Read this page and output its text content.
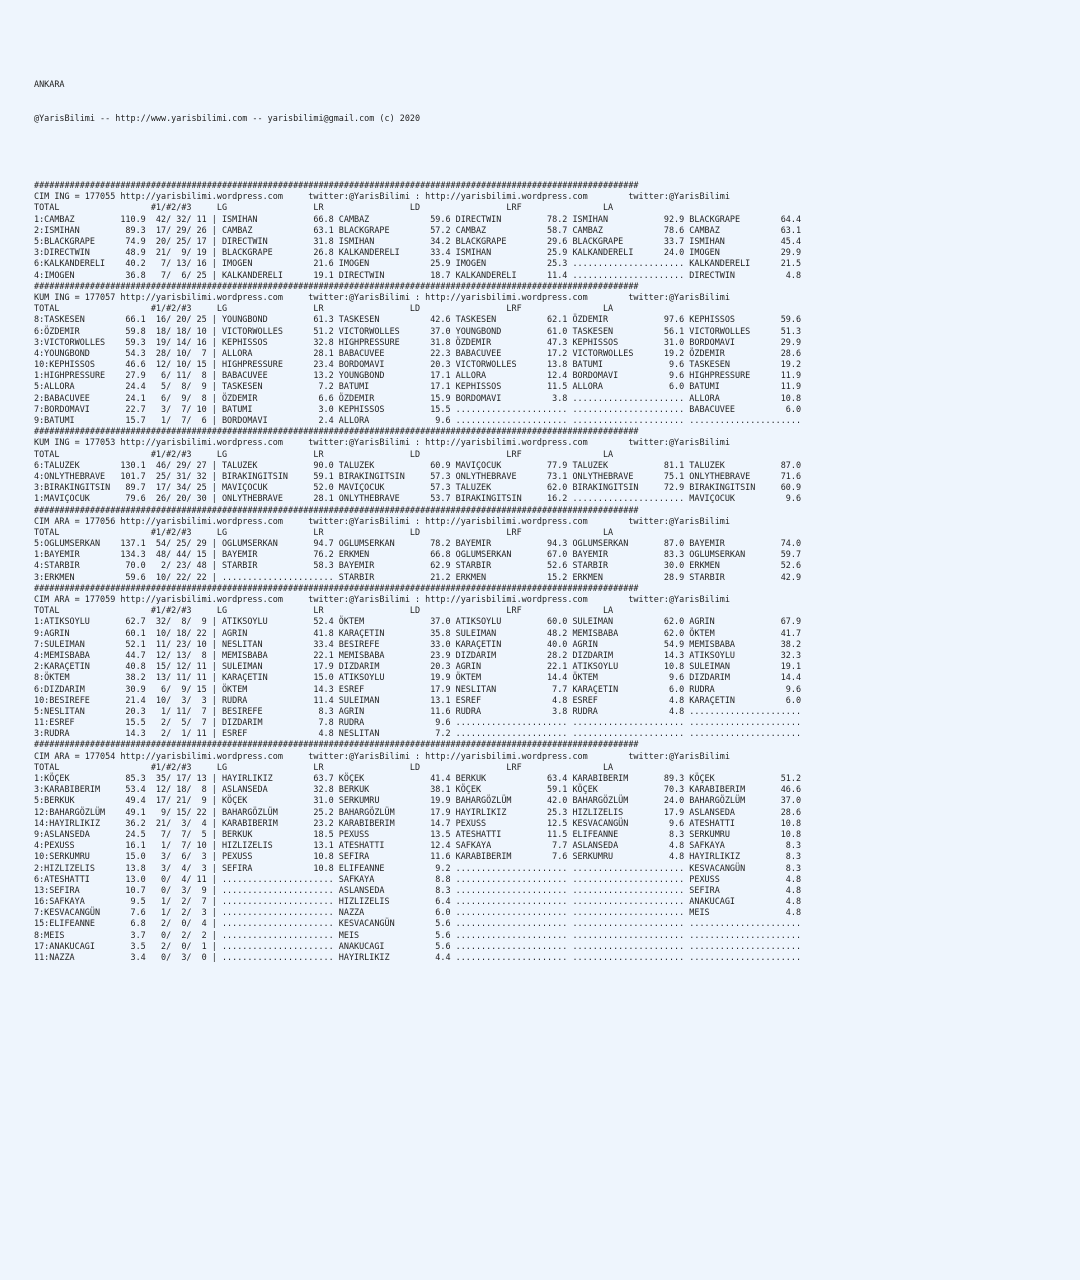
ANKARA

@YarisBilimi -- http://www.yarisbilimi.com -- yarisbilimi@gmail.com (c) 2020

#######################################################################################################################
CIM ING = 177055 http://yarisbilimi.wordpress.com     twitter:@YarisBilimi : http://yarisbilimi.wordpress.com        twitter:@YarisBilimi
TOTAL                  #1/#2/#3     LG                 LR                 LD                 LRF                LA
1:CAMBAZ         110.9  42/ 32/ 11 | ISMIHAN           66.8 CAMBAZ            59.6 DIRECTWIN         78.2 ISMIHAN           92.9 BLACKGRAPE        64.4
2:ISMIHAN         89.3  17/ 29/ 26 | CAMBAZ            63.1 BLACKGRAPE        57.2 CAMBAZ            58.7 CAMBAZ            78.6 CAMBAZ            63.1
5:BLACKGRAPE      74.9  20/ 25/ 17 | DIRECTWIN         31.8 ISMIHAN           34.2 BLACKGRAPE        29.6 BLACKGRAPE        33.7 ISMIHAN           45.4
3:DIRECTWIN       48.9  21/  9/ 19 | BLACKGRAPE        26.8 KALKANDERELI      33.4 ISMIHAN           25.9 KALKANDERELI      24.0 IMOGEN            29.9
6:KALKANDERELI    40.2   7/ 13/ 16 | IMOGEN            21.6 IMOGEN            25.9 IMOGEN            25.3 ...................... KALKANDERELI      21.5
4:IMOGEN          36.8   7/  6/ 25 | KALKANDERELI      19.1 DIRECTWIN         18.7 KALKANDERELI      11.4 ...................... DIRECTWIN          4.8
#######################################################################################################################
KUM ING = 177057 http://yarisbilimi.wordpress.com     twitter:@YarisBilimi : http://yarisbilimi.wordpress.com        twitter:@YarisBilimi
TOTAL                  #1/#2/#3     LG                 LR                 LD                 LRF                LA
8:TASKESEN        66.1  16/ 20/ 25 | YOUNGBOND         61.3 TASKESEN          42.6 TASKESEN          62.1 ÖZDEMIR           97.6 KEPHISSOS         59.6
6:ÖZDEMIR         59.8  18/ 18/ 10 | VICTORWOLLES      51.2 VICTORWOLLES      37.0 YOUNGBOND         61.0 TASKESEN          56.1 VICTORWOLLES      51.3
3:VICTORWOLLES    59.3  19/ 14/ 16 | KEPHISSOS         32.8 HIGHPRESSURE      31.8 ÖZDEMIR           47.3 KEPHISSOS         31.0 BORDOMAVI         29.9
4:YOUNGBOND       54.3  28/ 10/  7 | ALLORA            28.1 BABACUVEE         22.3 BABACUVEE         17.2 VICTORWOLLES      19.2 ÖZDEMIR           28.6
10:KEPHISSOS      46.6  12/ 10/ 15 | HIGHPRESSURE      23.4 BORDOMAVI         20.3 VICTORWOLLES      13.8 BATUMI             9.6 TASKESEN          19.2
1:HIGHPRESSURE    27.9   6/ 11/  8 | BABACUVEE         13.2 YOUNGBOND         17.1 ALLORA            12.4 BORDOMAVI          9.6 HIGHPRESSURE      11.9
5:ALLORA          24.4   5/  8/  9 | TASKESEN           7.2 BATUMI            17.1 KEPHISSOS         11.5 ALLORA             6.0 BATUMI            11.9
2:BABACUVEE       24.1   6/  9/  8 | ÖZDEMIR            6.6 ÖZDEMIR           15.9 BORDOMAVI          3.8 ...................... ALLORA            10.8
7:BORDOMAVI       22.7   3/  7/ 10 | BATUMI             3.0 KEPHISSOS         15.5 ...................... ...................... BABACUVEE          6.0
9:BATUMI          15.7   1/  7/  6 | BORDOMAVI          2.4 ALLORA             9.6 ...................... ...................... ......................
#######################################################################################################################
KUM ING = 177053 http://yarisbilimi.wordpress.com     twitter:@YarisBilimi : http://yarisbilimi.wordpress.com        twitter:@YarisBilimi
TOTAL                  #1/#2/#3     LG                 LR                 LD                 LRF                LA
6:TALUZEK        130.1  46/ 29/ 27 | TALUZEK           90.0 TALUZEK           60.9 MAVIÇOCUK         77.9 TALUZEK           81.1 TALUZEK           87.0
4:ONLYTHEBRAVE   101.7  25/ 31/ 32 | BIRAKINGITSIN     59.1 BIRAKINGITSIN     57.3 ONLYTHEBRAVE      73.1 ONLYTHEBRAVE      75.1 ONLYTHEBRAVE      71.6
3:BIRAKINGITSIN   89.7  17/ 34/ 25 | MAVIÇOCUK         52.0 MAVIÇOCUK         57.3 TALUZEK           62.0 BIRAKINGITSIN     72.9 BIRAKINGITSIN     60.9
1:MAVIÇOCUK       79.6  26/ 20/ 30 | ONLYTHEBRAVE      28.1 ONLYTHEBRAVE      53.7 BIRAKINGITSIN     16.2 ...................... MAVIÇOCUK          9.6
#######################################################################################################################
CIM ARA = 177056 http://yarisbilimi.wordpress.com     twitter:@YarisBilimi : http://yarisbilimi.wordpress.com        twitter:@YarisBilimi
TOTAL                  #1/#2/#3     LG                 LR                 LD                 LRF                LA
5:OGLUMSERKAN    137.1  54/ 25/ 29 | OGLUMSERKAN       94.7 OGLUMSERKAN       78.2 BAYEMIR           94.3 OGLUMSERKAN       87.0 BAYEMIR           74.0
1:BAYEMIR        134.3  48/ 44/ 15 | BAYEMIR           76.2 ERKMEN            66.8 OGLUMSERKAN       67.0 BAYEMIR           83.3 OGLUMSERKAN       59.7
4:STARBIR         70.0   2/ 23/ 48 | STARBIR           58.3 BAYEMIR           62.9 STARBIR           52.6 STARBIR           30.0 ERKMEN            52.6
3:ERKMEN          59.6  10/ 22/ 22 | ...................... STARBIR           21.2 ERKMEN            15.2 ERKMEN            28.9 STARBIR           42.9
#######################################################################################################################
CIM ARA = 177059 http://yarisbilimi.wordpress.com     twitter:@YarisBilimi : http://yarisbilimi.wordpress.com        twitter:@YarisBilimi
TOTAL                  #1/#2/#3     LG                 LR                 LD                 LRF                LA
1:ATIKSOYLU       62.7  32/  8/  9 | ATIKSOYLU         52.4 ÖKTEM             37.0 ATIKSOYLU         60.0 SULEIMAN          62.0 AGRIN             67.9
9:AGRIN           60.1  10/ 18/ 22 | AGRIN             41.8 KARAÇETIN         35.8 SULEIMAN          48.2 MEMISBABA         62.0 ÖKTEM             41.7
7:SULEIMAN        52.1  11/ 23/ 10 | NESLITAN          33.4 BESIREFE          33.0 KARAÇETIN         40.0 AGRIN             54.9 MEMISBABA         38.2
4:MEMISBABA       44.7  12/ 13/  8 | MEMISBABA         22.1 MEMISBABA         23.9 DIZDARIM          28.2 DIZDARIM          14.3 ATIKSOYLU         32.3
2:KARAÇETIN       40.8  15/ 12/ 11 | SULEIMAN          17.9 DIZDARIM          20.3 AGRIN             22.1 ATIKSOYLU         10.8 SULEIMAN          19.1
8:ÖKTEM           38.2  13/ 11/ 11 | KARAÇETIN         15.0 ATIKSOYLU         19.9 ÖKTEM             14.4 ÖKTEM              9.6 DIZDARIM          14.4
6:DIZDARIM        30.9   6/  9/ 15 | ÖKTEM             14.3 ESREF             17.9 NESLITAN           7.7 KARAÇETIN          6.0 RUDRA              9.6
10:BESIREFE       21.4  10/  3/  3 | RUDRA             11.4 SULEIMAN          13.1 ESREF              4.8 ESREF              4.8 KARAÇETIN          6.0
5:NESLITAN        20.3   1/ 11/  7 | BESIREFE           8.3 AGRIN             11.6 RUDRA              3.8 RUDRA              4.8 ......................
11:ESREF          15.5   2/  5/  7 | DIZDARIM           7.8 RUDRA              9.6 ...................... ...................... ......................
3:RUDRA           14.3   2/  1/ 11 | ESREF              4.8 NESLITAN           7.2 ...................... ...................... ......................
#######################################################################################################################
CIM ARA = 177054 http://yarisbilimi.wordpress.com     twitter:@YarisBilimi : http://yarisbilimi.wordpress.com        twitter:@YarisBilimi
TOTAL                  #1/#2/#3     LG                 LR                 LD                 LRF                LA
1:KÖÇEK           85.3  35/ 17/ 13 | HAYIRLIKIZ        63.7 KÖÇEK             41.4 BERKUK            63.4 KARABIBERIM       89.3 KÖÇEK             51.2
3:KARABIBERIM     53.4  12/ 18/  8 | ASLANSEDA         32.8 BERKUK            38.1 KÖÇEK             59.1 KÖÇEK             70.3 KARABIBERIM       46.6
5:BERKUK          49.4  17/ 21/  9 | KÖÇEK             31.0 SERKUMRU          19.9 BAHARGÖZLÜM       42.0 BAHARGÖZLÜM       24.0 BAHARGÖZLÜM       37.0
12:BAHARGÖZLÜM    49.1   9/ 15/ 22 | BAHARGÖZLÜM       25.2 BAHARGÖZLÜM       17.9 HAYIRLIKIZ        25.3 HIZLIZELIS        17.9 ASLANSEDA         28.6
14:HAYIRLIKIZ     36.2  21/  3/  4 | KARABIBERIM       23.2 KARABIBERIM       14.7 PEXUSS            12.5 KESVACANGÜN        9.6 ATESHATTI         10.8
9:ASLANSEDA       24.5   7/  7/  5 | BERKUK            18.5 PEXUSS            13.5 ATESHATTI         11.5 ELIFEANNE          8.3 SERKUMRU          10.8
4:PEXUSS          16.1   1/  7/ 10 | HIZLIZELIS        13.1 ATESHATTI         12.4 SAFKAYA            7.7 ASLANSEDA          4.8 SAFKAYA            8.3
10:SERKUMRU       15.0   3/  6/  3 | PEXUSS            10.8 SEFIRA            11.6 KARABIBERIM        7.6 SERKUMRU           4.8 HAYIRLIKIZ         8.3
2:HIZLIZELIS      13.8   3/  4/  3 | SEFIRA            10.8 ELIFEANNE          9.2 ...................... ...................... KESVACANGÜN        8.3
6:ATESHATTI       13.0   0/  4/ 11 | ...................... SAFKAYA            8.8 ...................... ...................... PEXUSS             4.8
13:SEFIRA         10.7   0/  3/  9 | ...................... ASLANSEDA          8.3 ...................... ...................... SEFIRA             4.8
16:SAFKAYA         9.5   1/  2/  7 | ...................... HIZLIZELIS         6.4 ...................... ...................... ANAKUCAGI          4.8
7:KESVACANGÜN      7.6   1/  2/  3 | ...................... NAZZA              6.0 ...................... ...................... MEIS               4.8
15:ELIFEANNE       6.8   2/  0/  4 | ...................... KESVACANGÜN        5.6 ...................... ...................... ......................
8:MEIS             3.7   0/  2/  2 | ...................... MEIS               5.6 ...................... ...................... ......................
17:ANAKUCAGI       3.5   2/  0/  1 | ...................... ANAKUCAGI          5.6 ...................... ...................... ......................
11:NAZZA           3.4   0/  3/  0 | ...................... HAYIRLIKIZ         4.4 ...................... ...................... ......................
